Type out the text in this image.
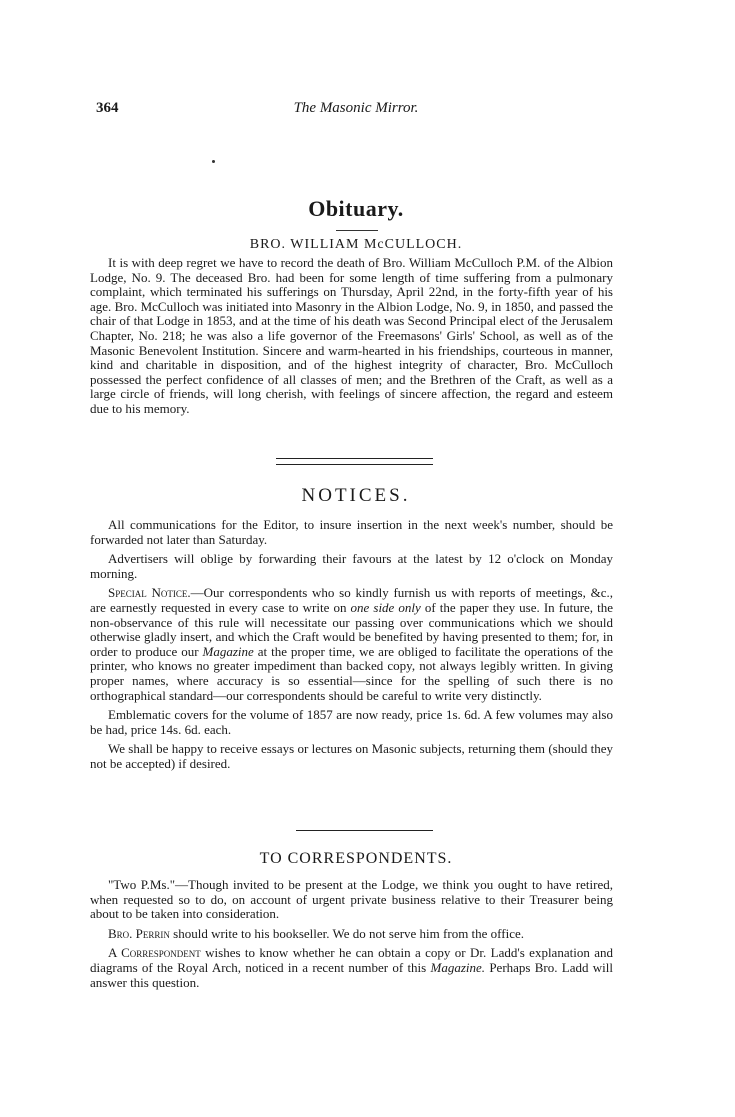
364	The Masonic Mirror.
Obituary.
BRO. WILLIAM McCULLOCH.

It is with deep regret we have to record the death of Bro. William McCulloch P.M. of the Albion Lodge, No. 9. The deceased Bro. had been for some length of time suffering from a pulmonary complaint, which terminated his sufferings on Thursday, April 22nd, in the forty-fifth year of his age. Bro. McCulloch was initiated into Masonry in the Albion Lodge, No. 9, in 1850, and passed the chair of that Lodge in 1853, and at the time of his death was Second Principal elect of the Jerusalem Chapter, No. 218; he was also a life governor of the Freemasons' Girls' School, as well as of the Masonic Benevolent Institution. Sincere and warm-hearted in his friendships, courteous in manner, kind and charitable in disposition, and of the highest integrity of character, Bro. McCulloch possessed the perfect confidence of all classes of men; and the Brethren of the Craft, as well as a large circle of friends, will long cherish, with feelings of sincere affection, the regard and esteem due to his memory.

NOTICES.

All communications for the Editor, to insure insertion in the next week's number, should be forwarded not later than Saturday.

Advertisers will oblige by forwarding their favours at the latest by 12 o'clock on Monday morning.

Special Notice.—Our correspondents who so kindly furnish us with reports of meetings, &c., are earnestly requested in every case to write on one side only of the paper they use. In future, the non-observance of this rule will necessitate our passing over communications which we should otherwise gladly insert, and which the Craft would be benefited by having presented to them; for, in order to produce our Magazine at the proper time, we are obliged to facilitate the operations of the printer, who knows no greater impediment than backed copy, not always legibly written. In giving proper names, where accuracy is so essential—since for the spelling of such there is no orthographical standard—our correspondents should be careful to write very distinctly.

Emblematic covers for the volume of 1857 are now ready, price 1s. 6d. A few volumes may also be had, price 14s. 6d. each.

We shall be happy to receive essays or lectures on Masonic subjects, returning them (should they not be accepted) if desired.

TO CORRESPONDENTS.

"Two P.Ms."—Though invited to be present at the Lodge, we think you ought to have retired, when requested so to do, on account of urgent private business relative to their Treasurer being about to be taken into consideration.

Bro. Perrin should write to his bookseller. We do not serve him from the office.

A Correspondent wishes to know whether he can obtain a copy or Dr. Ladd's explanation and diagrams of the Royal Arch, noticed in a recent number of this Magazine. Perhaps Bro. Ladd will answer this question.
